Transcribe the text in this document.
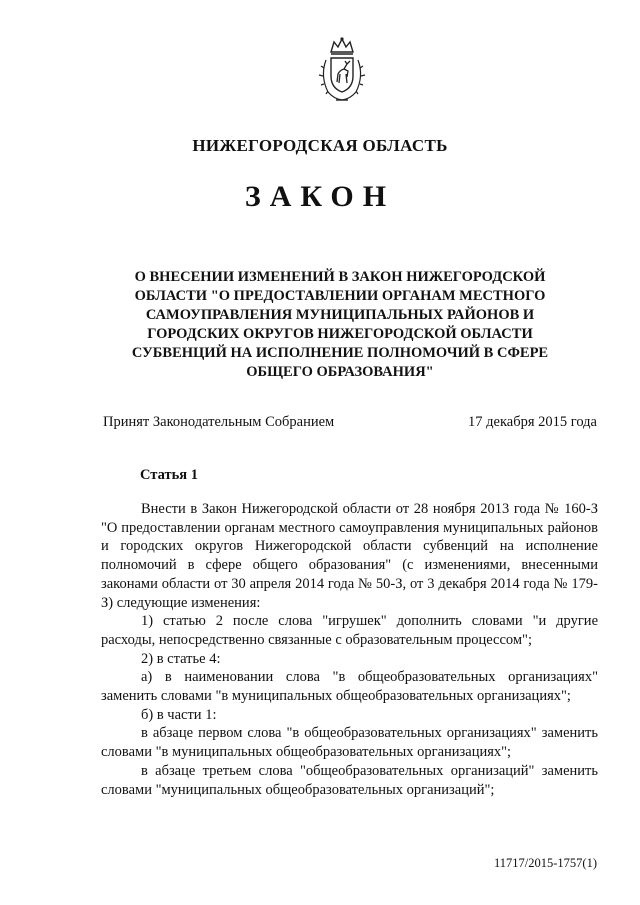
НИЖЕГОРОДСКАЯ ОБЛАСТЬ
ЗАКОН

О ВНЕСЕНИИ ИЗМЕНЕНИЙ В ЗАКОН НИЖЕГОРОДСКОЙ ОБЛАСТИ "О ПРЕДОСТАВЛЕНИИ ОРГАНАМ МЕСТНОГО САМОУПРАВЛЕНИЯ МУНИЦИПАЛЬНЫХ РАЙОНОВ И ГОРОДСКИХ ОКРУГОВ НИЖЕГОРОДСКОЙ ОБЛАСТИ СУБВЕНЦИЙ НА ИСПОЛНЕНИЕ ПОЛНОМОЧИЙ В СФЕРЕ ОБЩЕГО ОБРАЗОВАНИЯ"

Принят Законодательным Собранием	17 декабря 2015 года
Статья 1

Внести в Закон Нижегородской области от 28 ноября 2013 года № 160-З "О предоставлении органам местного самоуправления муниципальных районов и городских округов Нижегородской области субвенций на исполнение полномочий в сфере общего образования" (с изменениями, внесенными законами области от 30 апреля 2014 года № 50-З, от 3 декабря 2014 года № 179-З) следующие изменения:

1) статью 2 после слова "игрушек" дополнить словами "и другие расходы, непосредственно связанные с образовательным процессом";

2) в статье 4:

а) в наименовании слова "в общеобразовательных организациях" заменить словами "в муниципальных общеобразовательных организациях";

б) в части 1:

в абзаце первом слова "в общеобразовательных организациях" заменить словами "в муниципальных общеобразовательных организациях";

в абзаце третьем слова "общеобразовательных организаций" заменить словами "муниципальных общеобразовательных организаций";

11717/2015-1757(1)
